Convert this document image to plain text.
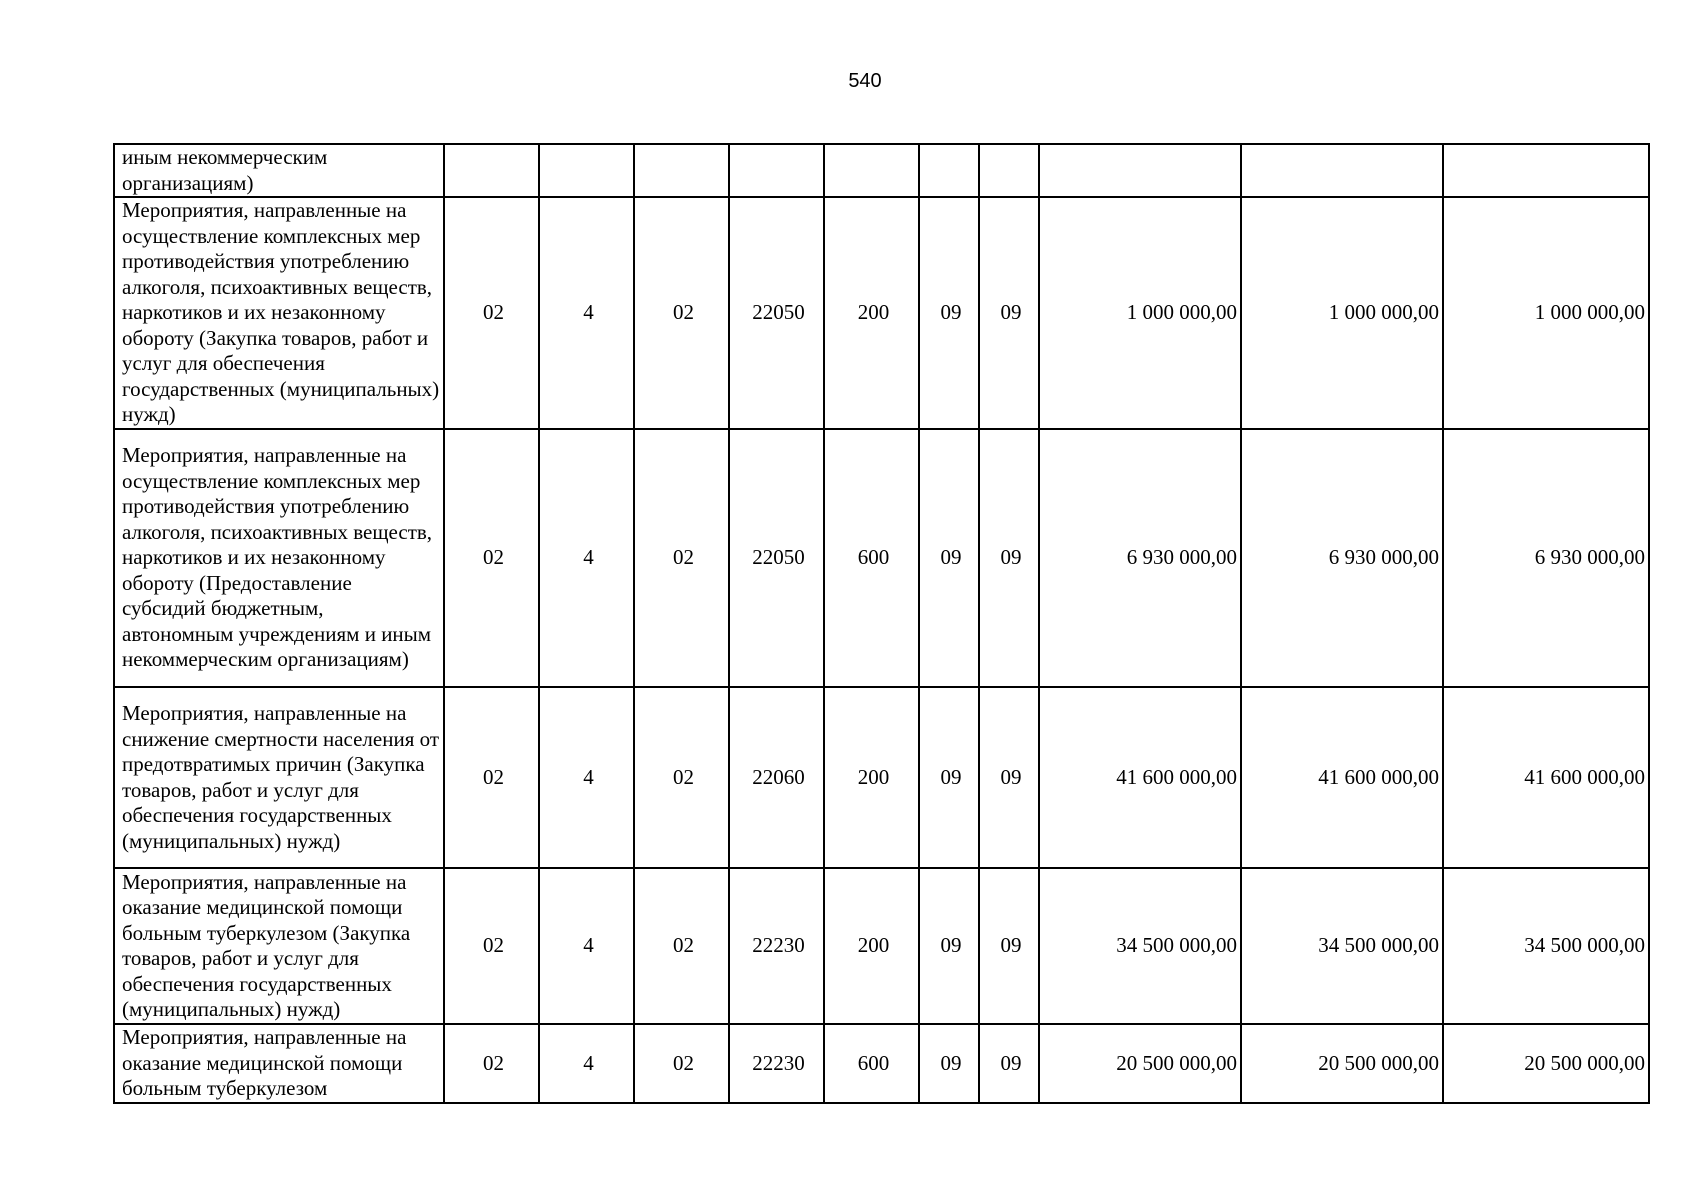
540
иным некоммерческим организациям)										
Мероприятия, направленные на осуществление комплексных мер противодействия употреблению алкоголя, психоактивных веществ, наркотиков и их незаконному обороту (Закупка товаров, работ и услуг для обеспечения государственных (муниципальных) нужд)	02	4	02	22050	200	09	09	1 000 000,00	1 000 000,00	1 000 000,00
Мероприятия, направленные на осуществление комплексных мер противодействия употреблению алкоголя, психоактивных веществ, наркотиков и их незаконному обороту (Предоставление субсидий бюджетным, автономным учреждениям и иным некоммерческим организациям)	02	4	02	22050	600	09	09	6 930 000,00	6 930 000,00	6 930 000,00
Мероприятия, направленные на снижение смертности населения от предотвратимых причин (Закупка товаров, работ и услуг для обеспечения государственных (муниципальных) нужд)	02	4	02	22060	200	09	09	41 600 000,00	41 600 000,00	41 600 000,00
Мероприятия, направленные на оказание медицинской помощи больным туберкулезом (Закупка товаров, работ и услуг для обеспечения государственных (муниципальных) нужд)	02	4	02	22230	200	09	09	34 500 000,00	34 500 000,00	34 500 000,00
Мероприятия, направленные на оказание медицинской помощи больным туберкулезом	02	4	02	22230	600	09	09	20 500 000,00	20 500 000,00	20 500 000,00
